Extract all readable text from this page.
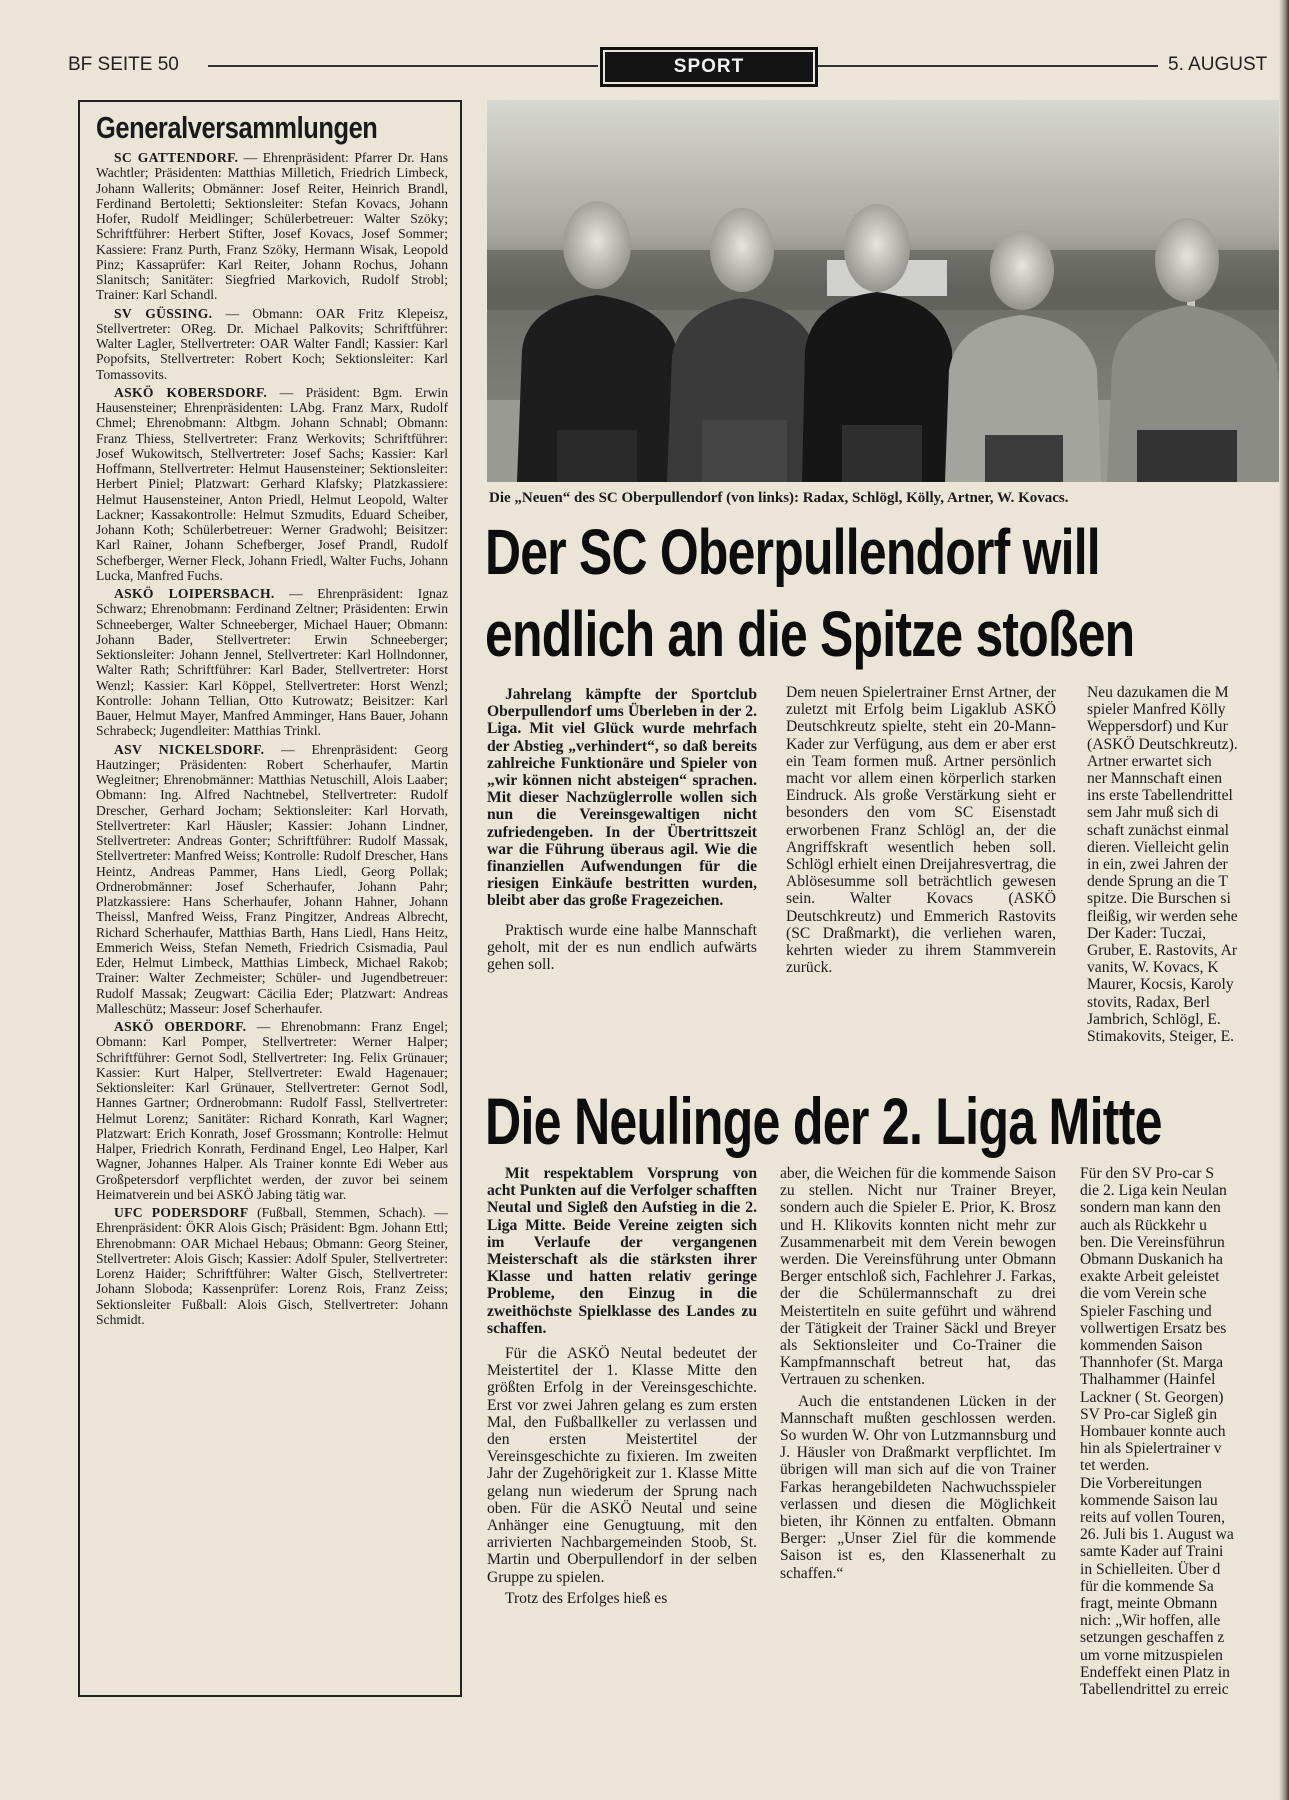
BF SEITE 50	SPORT	5. AUGUST
Generalversammlungen

SC GATTENDORF. — Ehrenpräsident: Pfarrer Dr. Hans Wachtler; Präsidenten: Matthias Milletich, Friedrich Limbeck, Johann Wallerits; Obmänner: Josef Reiter, Heinrich Brandl, Ferdinand Bertoletti; Sektionsleiter: Stefan Kovacs, Johann Hofer, Rudolf Meidlinger; Schülerbetreuer: Walter Szöky; Schriftführer: Herbert Stifter, Josef Kovacs, Josef Sommer; Kassiere: Franz Purth, Franz Szöky, Hermann Wisak, Leopold Pinz; Kassaprüfer: Karl Reiter, Johann Rochus, Johann Slanitsch; Sanitäter: Siegfried Markovich, Rudolf Strobl; Trainer: Karl Schandl.

SV GÜSSING. — Obmann: OAR Fritz Klepeisz, Stellvertreter: OReg. Dr. Michael Palkovits; Schriftführer: Walter Lagler, Stellvertreter: OAR Walter Fandl; Kassier: Karl Popofsits, Stellvertreter: Robert Koch; Sektionsleiter: Karl Tomassovits.

ASKÖ KOBERSDORF. — Präsident: Bgm. Erwin Hausensteiner; Ehrenpräsidenten: LAbg. Franz Marx, Rudolf Chmel; Ehrenobmann: Altbgm. Johann Schnabl; Obmann: Franz Thiess, Stellvertreter: Franz Werkovits; Schriftführer: Josef Wukowitsch, Stellvertreter: Josef Sachs; Kassier: Karl Hoffmann, Stellvertreter: Helmut Hausensteiner; Sektionsleiter: Herbert Piniel; Platzwart: Gerhard Klafsky; Platzkassiere: Helmut Hausensteiner, Anton Priedl, Helmut Leopold, Walter Lackner; Kassakontrolle: Helmut Szmudits, Eduard Scheiber, Johann Koth; Schülerbetreuer: Werner Gradwohl; Beisitzer: Karl Rainer, Johann Schefberger, Josef Prandl, Rudolf Schefberger, Werner Fleck, Johann Friedl, Walter Fuchs, Johann Lucka, Manfred Fuchs.

ASKÖ LOIPERSBACH. — Ehrenpräsident: Ignaz Schwarz; Ehrenobmann: Ferdinand Zeltner; Präsidenten: Erwin Schneeberger, Walter Schneeberger, Michael Hauer; Obmann: Johann Bader, Stellvertreter: Erwin Schneeberger; Sektionsleiter: Johann Jennel, Stellvertreter: Karl Hollndonner, Walter Rath; Schriftführer: Karl Bader, Stellvertreter: Horst Wenzl; Kassier: Karl Köppel, Stellvertreter: Horst Wenzl; Kontrolle: Johann Tellian, Otto Kutrowatz; Beisitzer: Karl Bauer, Helmut Mayer, Manfred Amminger, Hans Bauer, Johann Schrabeck; Jugendleiter: Matthias Trinkl.

ASV NICKELSDORF. — Ehrenpräsident: Georg Hautzinger; Präsidenten: Robert Scherhaufer, Martin Wegleitner; Ehrenobmänner: Matthias Netuschill, Alois Laaber; Obmann: Ing. Alfred Nachtnebel, Stellvertreter: Rudolf Drescher, Gerhard Jocham; Sektionsleiter: Karl Horvath, Stellvertreter: Karl Häusler; Kassier: Johann Lindner, Stellvertreter: Andreas Gonter; Schriftführer: Rudolf Massak, Stellvertreter: Manfred Weiss; Kontrolle: Rudolf Drescher, Hans Heintz, Andreas Pammer, Hans Liedl, Georg Pollak; Ordnerobmänner: Josef Scherhaufer, Johann Pahr; Platzkassiere: Hans Scherhaufer, Johann Hahner, Johann Theissl, Manfred Weiss, Franz Pingitzer, Andreas Albrecht, Richard Scherhaufer, Matthias Barth, Hans Liedl, Hans Heitz, Emmerich Weiss, Stefan Nemeth, Friedrich Csismadia, Paul Eder, Helmut Limbeck, Matthias Limbeck, Michael Rakob; Trainer: Walter Zechmeister; Schüler- und Jugendbetreuer: Rudolf Massak; Zeugwart: Cäcilia Eder; Platzwart: Andreas Malleschütz; Masseur: Josef Scherhaufer.

ASKÖ OBERDORF. — Ehrenobmann: Franz Engel; Obmann: Karl Pomper, Stellvertreter: Werner Halper; Schriftführer: Gernot Sodl, Stellvertreter: Ing. Felix Grünauer; Kassier: Kurt Halper, Stellvertreter: Ewald Hagenauer; Sektionsleiter: Karl Grünauer, Stellvertreter: Gernot Sodl, Hannes Gartner; Ordnerobmann: Rudolf Fassl, Stellvertreter: Helmut Lorenz; Sanitäter: Richard Konrath, Karl Wagner; Platzwart: Erich Konrath, Josef Grossmann; Kontrolle: Helmut Halper, Friedrich Konrath, Ferdinand Engel, Leo Halper, Karl Wagner, Johannes Halper. Als Trainer konnte Edi Weber aus Großpetersdorf verpflichtet werden, der zuvor bei seinem Heimatverein und bei ASKÖ Jabing tätig war.

UFC PODERSDORF (Fußball, Stemmen, Schach). — Ehrenpräsident: ÖKR Alois Gisch; Präsident: Bgm. Johann Ettl; Ehrenobmann: OAR Michael Hebaus; Obmann: Georg Steiner, Stellvertreter: Alois Gisch; Kassier: Adolf Spuler, Stellvertreter: Lorenz Haider; Schriftführer: Walter Gisch, Stellvertreter: Johann Sloboda; Kassenprüfer: Lorenz Rois, Franz Zeiss; Sektionsleiter Fußball: Alois Gisch, Stellvertreter: Johann Schmidt.

Die „Neuen“ des SC Oberpullendorf (von links): Radax, Schlögl, Kölly, Artner, W. Kovacs.
Der SC Oberpullendorf will
endlich an die Spitze stoßen

Jahrelang kämpfte der Sportclub Oberpullendorf ums Überleben in der 2. Liga. Mit viel Glück wurde mehrfach der Abstieg „verhindert“, so daß bereits zahlreiche Funktionäre und Spieler von „wir können nicht absteigen“ sprachen. Mit dieser Nachzüglerrolle wollen sich nun die Vereinsgewaltigen nicht zufriedengeben. In der Übertrittszeit war die Führung überaus agil. Wie die finanziellen Aufwendungen für die riesigen Einkäufe bestritten wurden, bleibt aber das große Fragezeichen.

Praktisch wurde eine halbe Mannschaft geholt, mit der es nun endlich aufwärts gehen soll.

Dem neuen Spielertrainer Ernst Artner, der zuletzt mit Erfolg beim Ligaklub ASKÖ Deutschkreutz spielte, steht ein 20-Mann-Kader zur Verfügung, aus dem er aber erst ein Team formen muß. Artner persönlich macht vor allem einen körperlich starken Eindruck. Als große Verstärkung sieht er besonders den vom SC Eisenstadt erworbenen Franz Schlögl an, der die Angriffskraft wesentlich heben soll. Schlögl erhielt einen Dreijahresvertrag, die Ablösesumme soll beträchtlich gewesen sein. Walter Kovacs (ASKÖ Deutschkreutz) und Emmerich Rastovits (SC Draßmarkt), die verliehen waren, kehrten wieder zu ihrem Stammverein zurück.

Neu dazukamen die M
spieler Manfred Kölly
Weppersdorf) und Kur
(ASKÖ Deutschkreutz).
Artner erwartet sich
ner Mannschaft einen
ins erste Tabellendrittel
sem Jahr muß sich di
schaft zunächst einmal
dieren. Vielleicht gelin
in ein, zwei Jahren der
dende Sprung an die T
spitze. Die Burschen si
fleißig, wir werden sehe
Der Kader: Tuczai,
Gruber, E. Rastovits, Ar
vanits, W. Kovacs, K
Maurer, Kocsis, Karoly
stovits, Radax, Berl
Jambrich, Schlögl, E.
Stimakovits, Steiger, E.
Die Neulinge der 2. Liga Mitte

Mit respektablem Vorsprung von acht Punkten auf die Verfolger schafften Neutal und Sigleß den Aufstieg in die 2. Liga Mitte. Beide Vereine zeigten sich im Verlaufe der vergangenen Meisterschaft als die stärksten ihrer Klasse und hatten relativ geringe Probleme, den Einzug in die zweithöchste Spielklasse des Landes zu schaffen.

Für die ASKÖ Neutal bedeutet der Meistertitel der 1. Klasse Mitte den größten Erfolg in der Vereinsgeschichte. Erst vor zwei Jahren gelang es zum ersten Mal, den Fußballkeller zu verlassen und den ersten Meistertitel der Vereinsgeschichte zu fixieren. Im zweiten Jahr der Zugehörigkeit zur 1. Klasse Mitte gelang nun wiederum der Sprung nach oben. Für die ASKÖ Neutal und seine Anhänger eine Genugtuung, mit den arrivierten Nachbargemeinden Stoob, St. Martin und Oberpullendorf in der selben Gruppe zu spielen.

Trotz des Erfolges hieß es

aber, die Weichen für die kommende Saison zu stellen. Nicht nur Trainer Breyer, sondern auch die Spieler E. Prior, K. Brosz und H. Klikovits konnten nicht mehr zur Zusammenarbeit mit dem Verein bewogen werden. Die Vereinsführung unter Obmann Berger entschloß sich, Fachlehrer J. Farkas, der die Schülermannschaft zu drei Meistertiteln en suite geführt und während der Tätigkeit der Trainer Säckl und Breyer als Sektionsleiter und Co-Trainer die Kampfmannschaft betreut hat, das Vertrauen zu schenken.

Auch die entstandenen Lücken in der Mannschaft mußten geschlossen werden. So wurden W. Ohr von Lutzmannsburg und J. Häusler von Draßmarkt verpflichtet. Im übrigen will man sich auf die von Trainer Farkas herangebildeten Nachwuchsspieler verlassen und diesen die Möglichkeit bieten, ihr Können zu entfalten. Obmann Berger: „Unser Ziel für die kommende Saison ist es, den Klassenerhalt zu schaffen.“

Für den SV Pro-car S
die 2. Liga kein Neulan
sondern man kann den
auch als Rückkehr u
ben. Die Vereinsführun
Obmann Duskanich ha
exakte Arbeit geleistet
die vom Verein sche
Spieler Fasching und
vollwertigen Ersatz bes
kommenden Saison
Thannhofer (St. Marga
Thalhammer (Hainfel
Lackner ( St. Georgen)
SV Pro-car Sigleß gin
Hombauer konnte auch
hin als Spielertrainer v
tet werden.
Die Vorbereitungen
kommende Saison lau
reits auf vollen Touren,
26. Juli bis 1. August wa
samte Kader auf Traini
in Schielleiten. Über d
für die kommende Sa
fragt, meinte Obmann
nich: „Wir hoffen, alle
setzungen geschaffen z
um vorne mitzuspielen
Endeffekt einen Platz in
Tabellendrittel zu erreic
